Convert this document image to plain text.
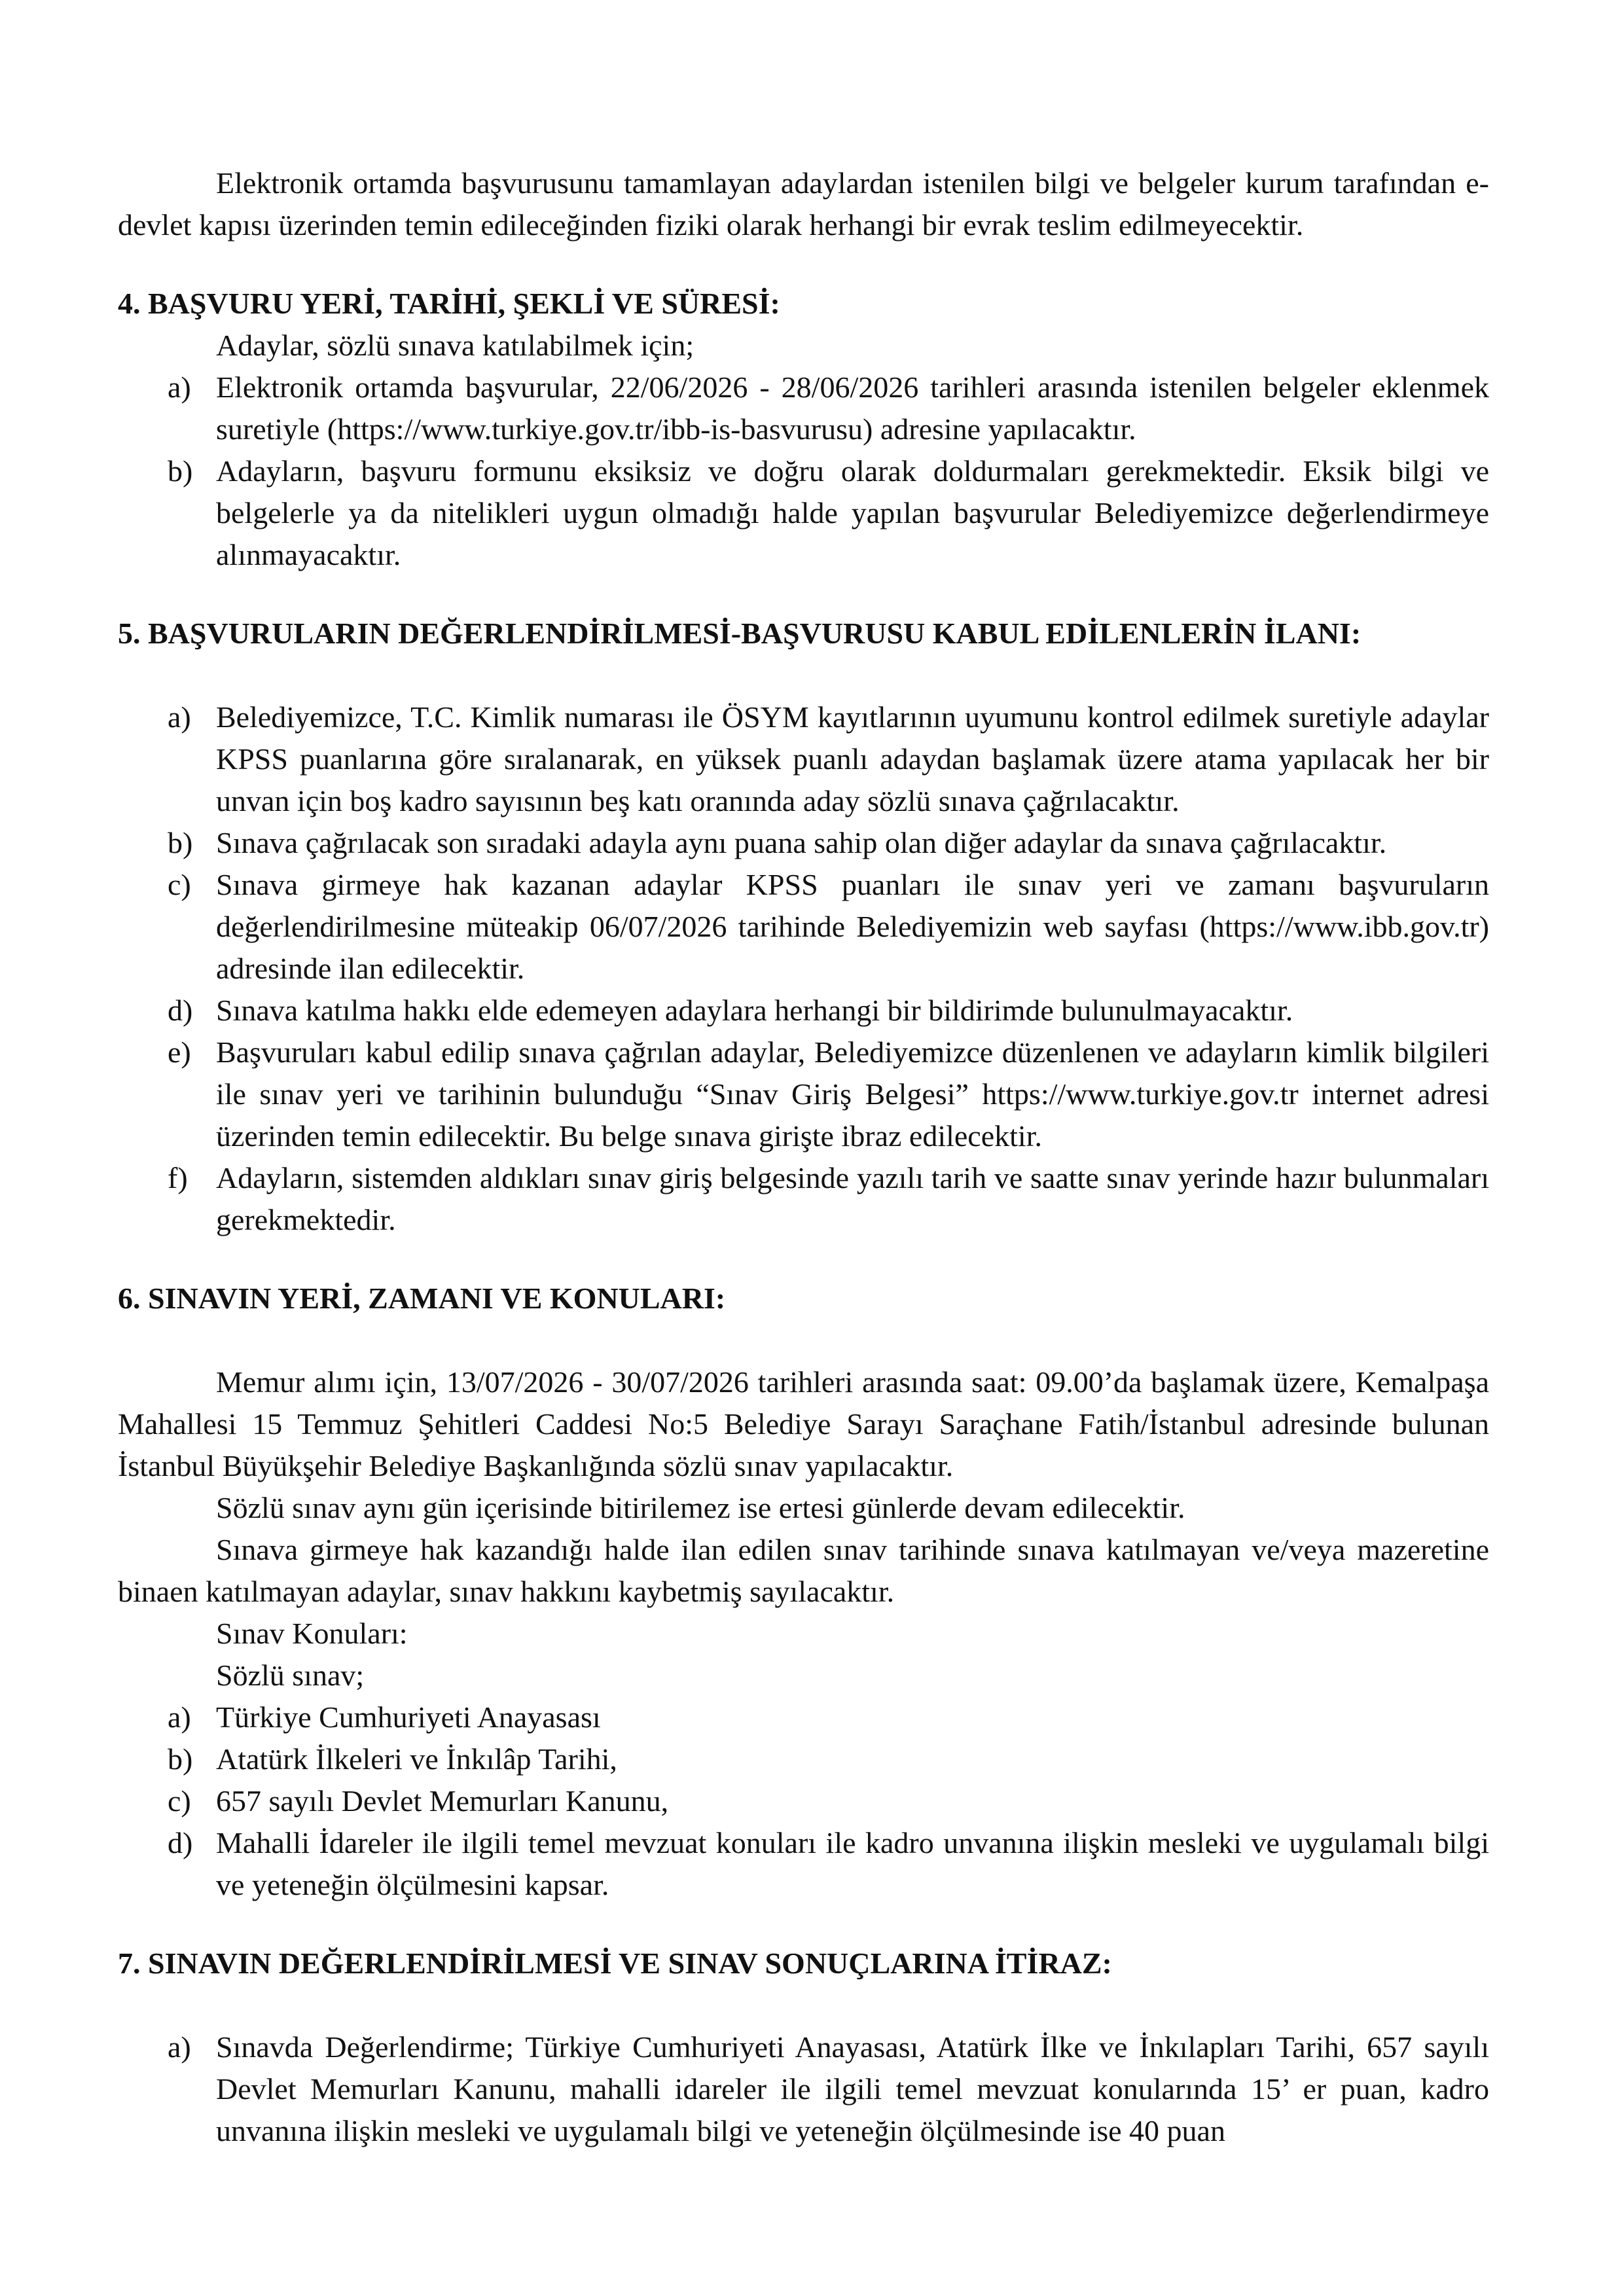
Elektronik ortamda başvurusunu tamamlayan adaylardan istenilen bilgi ve belgeler kurum tarafından e-devlet kapısı üzerinden temin edileceğinden fiziki olarak herhangi bir evrak teslim edilmeyecektir.

4. BAŞVURU YERİ, TARİHİ, ŞEKLİ VE SÜRESİ:

Adaylar, sözlü sınava katılabilmek için;

a) Elektronik ortamda başvurular, 22/06/2026 - 28/06/2026 tarihleri arasında istenilen belgeler eklenmek suretiyle (https://www.turkiye.gov.tr/ibb-is-basvurusu) adresine yapılacaktır.
b) Adayların, başvuru formunu eksiksiz ve doğru olarak doldurmaları gerekmektedir. Eksik bilgi ve belgelerle ya da nitelikleri uygun olmadığı halde yapılan başvurular Belediyemizce değerlendirmeye alınmayacaktır.
5. BAŞVURULARIN DEĞERLENDİRİLMESİ-BAŞVURUSU KABUL EDİLENLERİN İLANI:
a) Belediyemizce, T.C. Kimlik numarası ile ÖSYM kayıtlarının uyumunu kontrol edilmek suretiyle adaylar KPSS puanlarına göre sıralanarak, en yüksek puanlı adaydan başlamak üzere atama yapılacak her bir unvan için boş kadro sayısının beş katı oranında aday sözlü sınava çağrılacaktır.
b) Sınava çağrılacak son sıradaki adayla aynı puana sahip olan diğer adaylar da sınava çağrılacaktır.
c) Sınava girmeye hak kazanan adaylar KPSS puanları ile sınav yeri ve zamanı başvuruların değerlendirilmesine müteakip 06/07/2026 tarihinde Belediyemizin web sayfası (https://www.ibb.gov.tr) adresinde ilan edilecektir.
d) Sınava katılma hakkı elde edemeyen adaylara herhangi bir bildirimde bulunulmayacaktır.
e) Başvuruları kabul edilip sınava çağrılan adaylar, Belediyemizce düzenlenen ve adayların kimlik bilgileri ile sınav yeri ve tarihinin bulunduğu “Sınav Giriş Belgesi” https://www.turkiye.gov.tr internet adresi üzerinden temin edilecektir. Bu belge sınava girişte ibraz edilecektir.
f) Adayların, sistemden aldıkları sınav giriş belgesinde yazılı tarih ve saatte sınav yerinde hazır bulunmaları gerekmektedir.
6. SINAVIN YERİ, ZAMANI VE KONULARI:

Memur alımı için, 13/07/2026 - 30/07/2026 tarihleri arasında saat: 09.00’da başlamak üzere, Kemalpaşa Mahallesi 15 Temmuz Şehitleri Caddesi No:5 Belediye Sarayı Saraçhane Fatih/İstanbul adresinde bulunan İstanbul Büyükşehir Belediye Başkanlığında sözlü sınav yapılacaktır.

Sözlü sınav aynı gün içerisinde bitirilemez ise ertesi günlerde devam edilecektir.

Sınava girmeye hak kazandığı halde ilan edilen sınav tarihinde sınava katılmayan ve/veya mazeretine binaen katılmayan adaylar, sınav hakkını kaybetmiş sayılacaktır.

Sınav Konuları:

Sözlü sınav;

a) Türkiye Cumhuriyeti Anayasası
b) Atatürk İlkeleri ve İnkılâp Tarihi,
c) 657 sayılı Devlet Memurları Kanunu,
d) Mahalli İdareler ile ilgili temel mevzuat konuları ile kadro unvanına ilişkin mesleki ve uygulamalı bilgi ve yeteneğin ölçülmesini kapsar.
7. SINAVIN DEĞERLENDİRİLMESİ VE SINAV SONUÇLARINA İTİRAZ:
a) Sınavda Değerlendirme; Türkiye Cumhuriyeti Anayasası, Atatürk İlke ve İnkılapları Tarihi, 657 sayılı Devlet Memurları Kanunu, mahalli idareler ile ilgili temel mevzuat konularında 15’ er puan, kadro unvanına ilişkin mesleki ve uygulamalı bilgi ve yeteneğin ölçülmesinde ise 40 puan
